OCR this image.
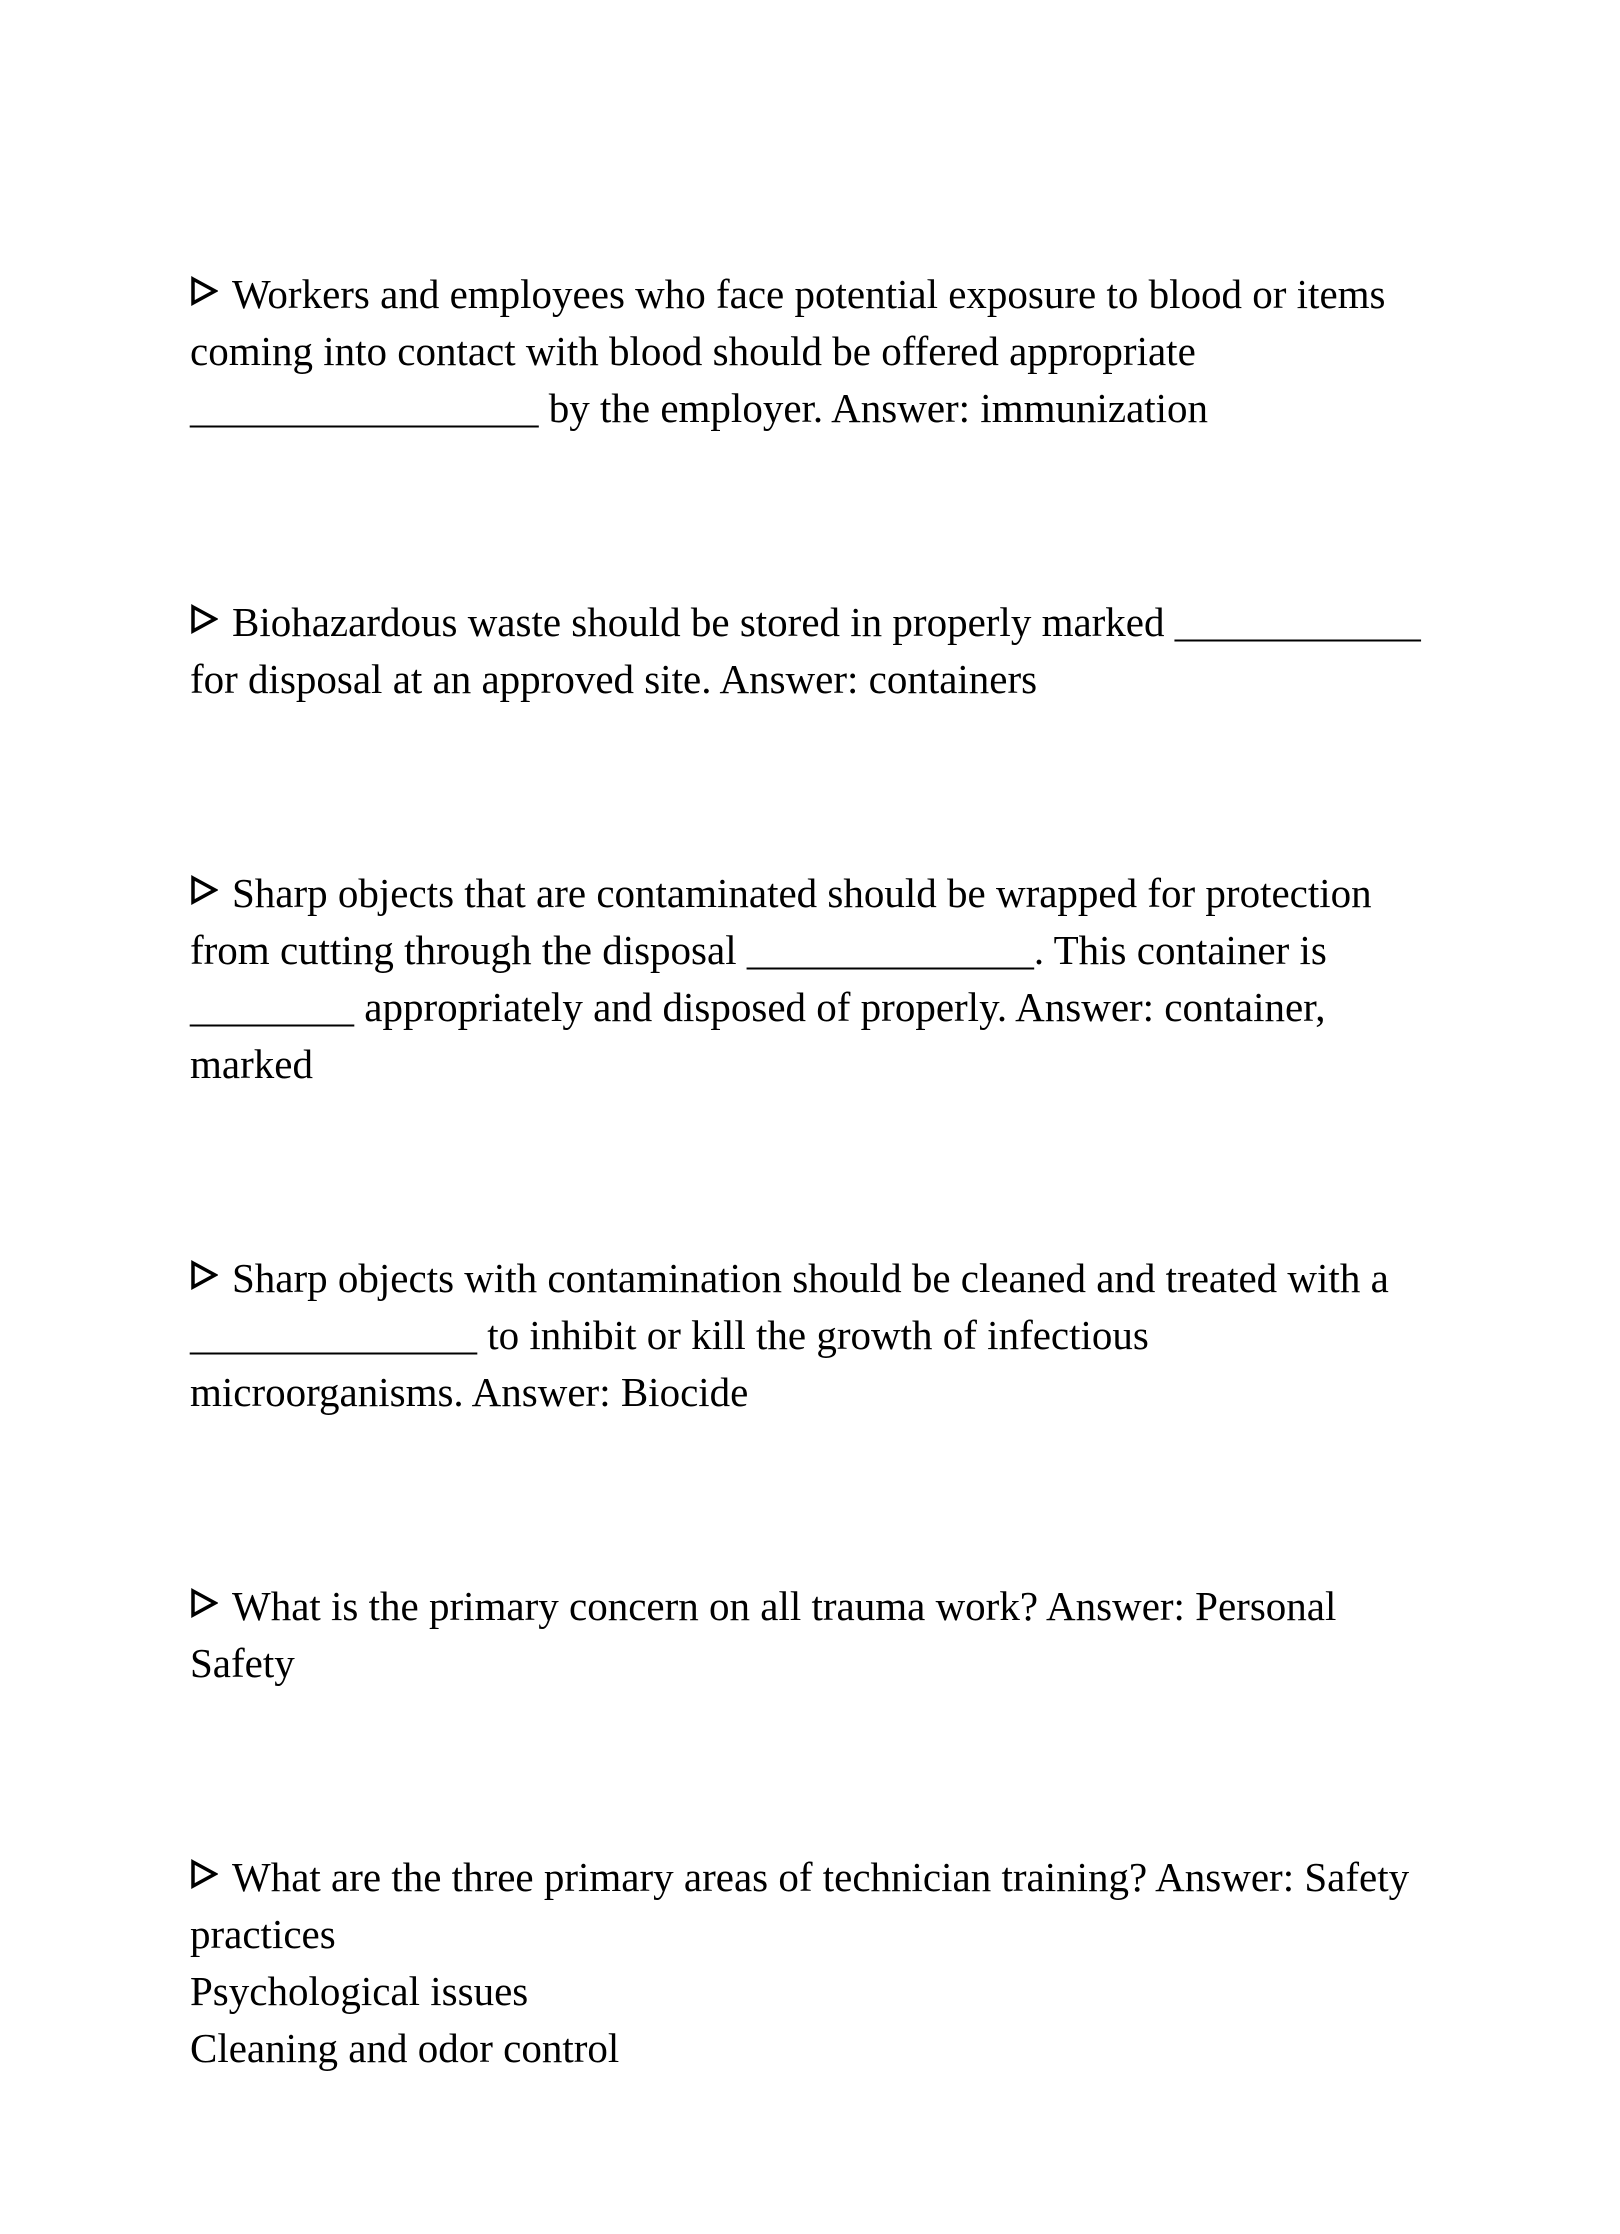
Workers and employees who face potential exposure to blood or items coming into contact with blood should be offered appropriate _________________ by the employer. Answer: immunization

Biohazardous waste should be stored in properly marked ____________ for disposal at an approved site. Answer: containers

Sharp objects that are contaminated should be wrapped for protection from cutting through the disposal ______________. This container is ________ appropriately and disposed of properly. Answer: container, marked

Sharp objects with contamination should be cleaned and treated with a ______________ to inhibit or kill the growth of infectious microorganisms. Answer: Biocide

What is the primary concern on all trauma work? Answer: Personal Safety

What are the three primary areas of technician training? Answer: Safety practices

Psychological issues

Cleaning and odor control
